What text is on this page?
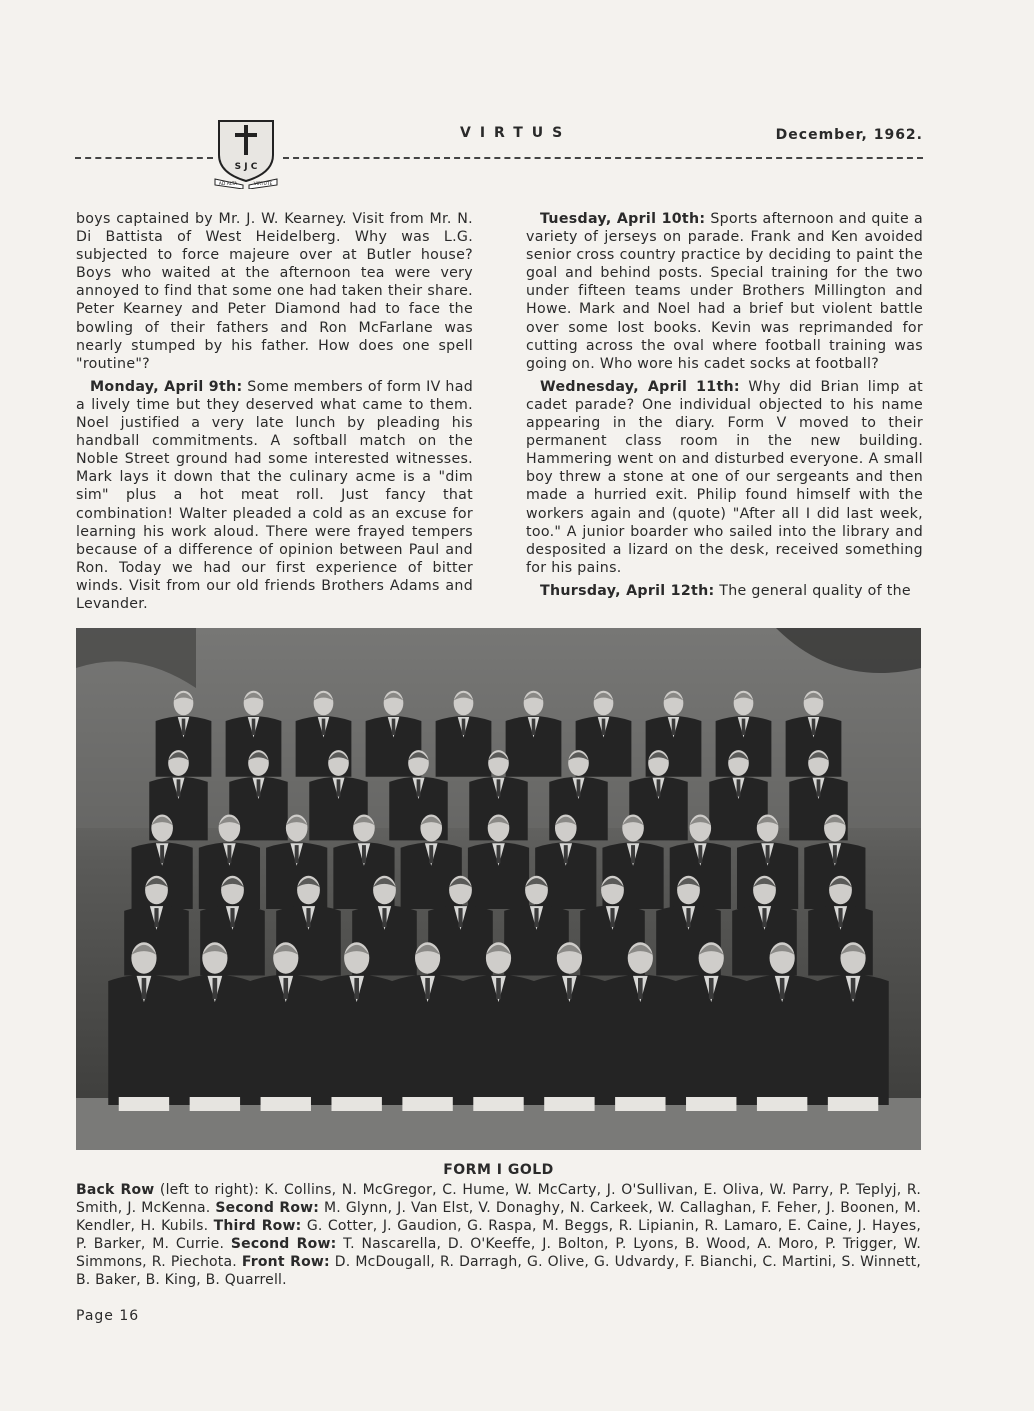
S J C
AD ALTA	VIRTUTE
VIRTUS	December, 1962.

boys captained by Mr. J. W. Kearney. Visit from Mr. N. Di Battista of West Heidelberg. Why was L.G. subjected to force majeure over at Butler house? Boys who waited at the afternoon tea were very annoyed to find that some one had taken their share. Peter Kearney and Peter Diamond had to face the bowling of their fathers and Ron McFarlane was nearly stumped by his father. How does one spell "routine"?

Monday, April 9th: Some members of form IV had a lively time but they deserved what came to them. Noel justified a very late lunch by pleading his handball commitments. A softball match on the Noble Street ground had some interested witnesses. Mark lays it down that the culinary acme is a "dim sim" plus a hot meat roll. Just fancy that combination! Walter pleaded a cold as an excuse for learning his work aloud. There were frayed tempers because of a difference of opinion between Paul and Ron. Today we had our first experience of bitter winds. Visit from our old friends Brothers Adams and Levander.

Tuesday, April 10th: Sports afternoon and quite a variety of jerseys on parade. Frank and Ken avoided senior cross country practice by deciding to paint the goal and behind posts. Special training for the two under fifteen teams under Brothers Millington and Howe. Mark and Noel had a brief but violent battle over some lost books. Kevin was reprimanded for cutting across the oval where football training was going on. Who wore his cadet socks at football?

Wednesday, April 11th: Why did Brian limp at cadet parade? One individual objected to his name appearing in the diary. Form V moved to their permanent class room in the new building. Hammering went on and disturbed everyone. A small boy threw a stone at one of our sergeants and then made a hurried exit. Philip found himself with the workers again and (quote) "After all I did last week, too." A junior boarder who sailed into the library and desposited a lizard on the desk, received something for his pains.

Thursday, April 12th: The general quality of the

FORM I GOLD
Back Row (left to right): K. Collins, N. McGregor, C. Hume, W. McCarty, J. O'Sullivan, E. Oliva, W. Parry, P. Teplyj, R. Smith, J. McKenna. Second Row: M. Glynn, J. Van Elst, V. Donaghy, N. Carkeek, W. Callaghan, F. Feher, J. Boonen, M. Kendler, H. Kubils. Third Row: G. Cotter, J. Gaudion, G. Raspa, M. Beggs, R. Lipianin, R. Lamaro, E. Caine, J. Hayes, P. Barker, M. Currie. Second Row: T. Nascarella, D. O'Keeffe, J. Bolton, P. Lyons, B. Wood, A. Moro, P. Trigger, W. Simmons, R. Piechota. Front Row: D. McDougall, R. Darragh, G. Olive, G. Udvardy, F. Bianchi, C. Martini, S. Winnett, B. Baker, B. King, B. Quarrell.
Page 16
